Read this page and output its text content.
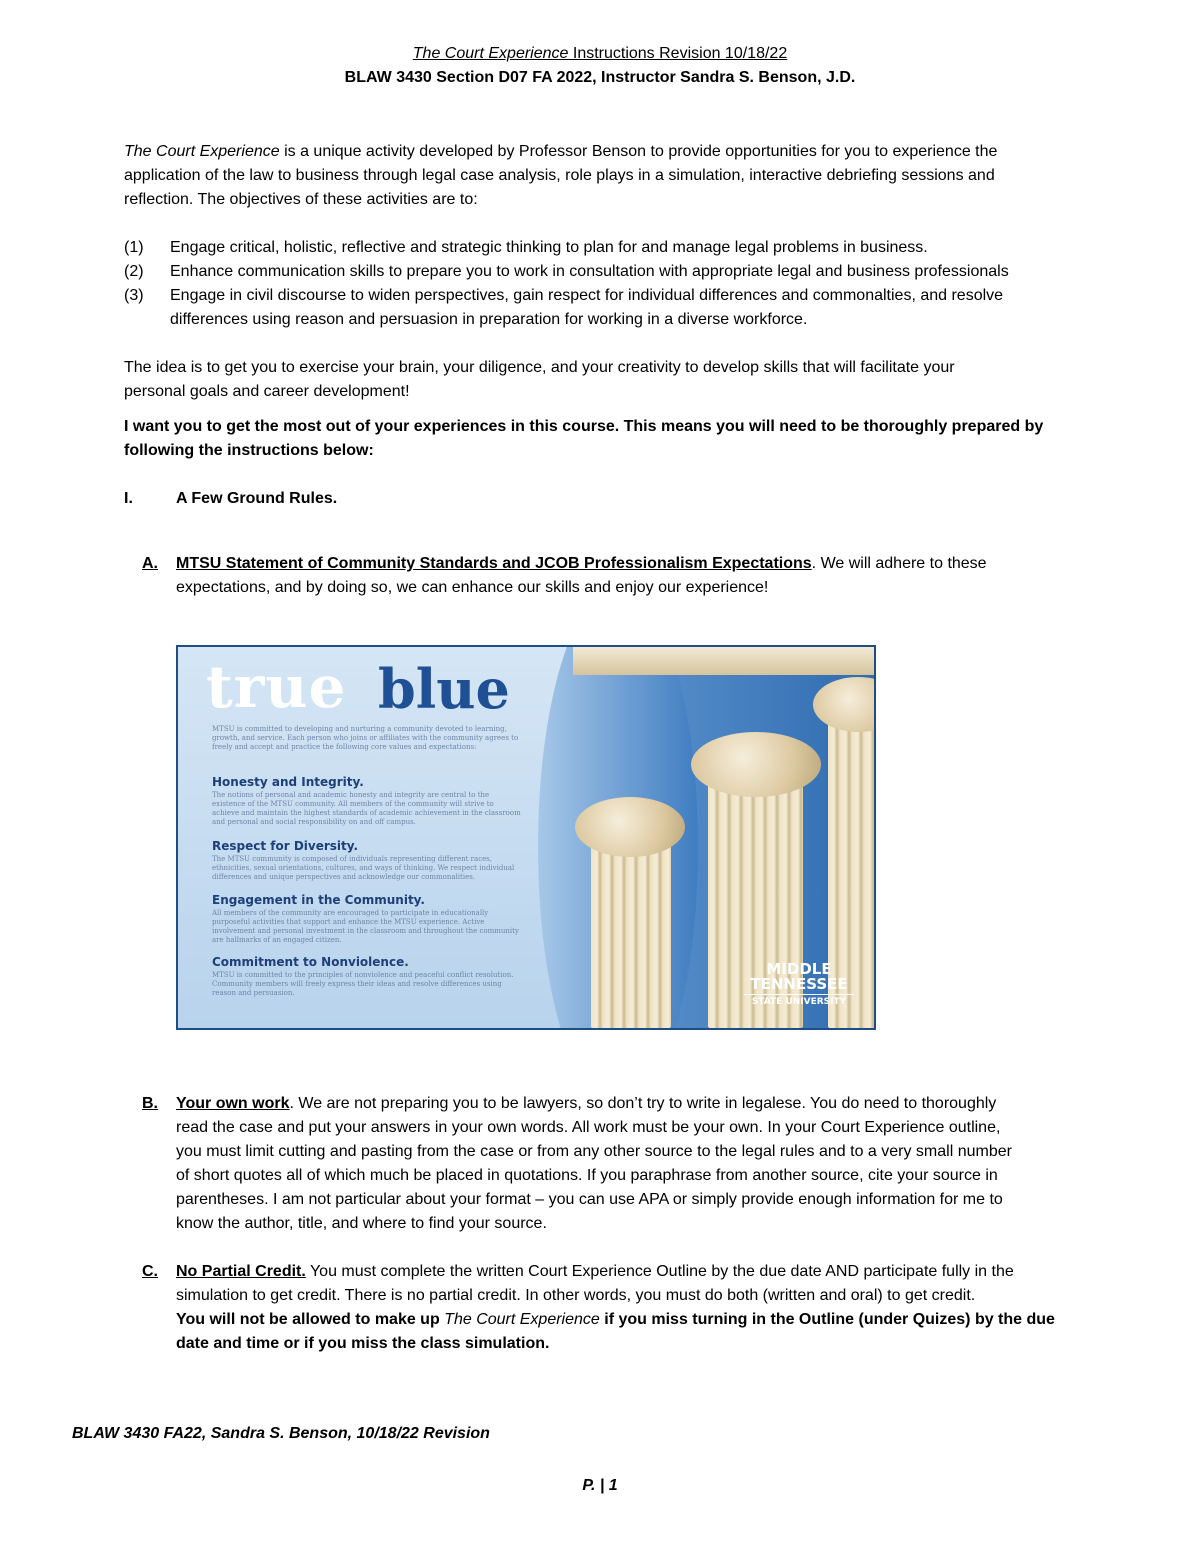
The Court Experience Instructions Revision 10/18/22
BLAW 3430 Section D07 FA 2022, Instructor Sandra S. Benson, J.D.
The Court Experience is a unique activity developed by Professor Benson to provide opportunities for you to experience the
application of the law to business through legal case analysis, role plays in a simulation, interactive debriefing sessions and
reflection. The objectives of these activities are to:
(1) Engage critical, holistic, reflective and strategic thinking to plan for and manage legal problems in business.
(2) Enhance communication skills to prepare you to work in consultation with appropriate legal and business professionals
(3) Engage in civil discourse to widen perspectives, gain respect for individual differences and commonalties, and resolve
differences using reason and persuasion in preparation for working in a diverse workforce.
The idea is to get you to exercise your brain, your diligence, and your creativity to develop skills that will facilitate your
personal goals and career development!
I want you to get the most out of your experiences in this course. This means you will need to be thoroughly prepared by
following the instructions below:
I.	A Few Ground Rules.
A. MTSU Statement of Community Standards and JCOB Professionalism Expectations. We will adhere to these
expectations, and by doing so, we can enhance our skills and enjoy our experience!
true blue
MTSU is committed to developing and nurturing a community devoted to learning, growth, and service. Each person who joins or affiliates with the community agrees to freely and accept and practice the following core values and expectations:
Honesty and Integrity.
The notions of personal and academic honesty and integrity are central to the existence of the MTSU community. All members of the community will strive to achieve and maintain the highest standards of academic achievement in the classroom and personal and social responsibility on and off campus.
Respect for Diversity.
The MTSU community is composed of individuals representing different races, ethnicities, sexual orientations, cultures, and ways of thinking. We respect individual differences and unique perspectives and acknowledge our commonalities.
Engagement in the Community.
All members of the community are encouraged to participate in educationally purposeful activities that support and enhance the MTSU experience. Active involvement and personal investment in the classroom and throughout the community are hallmarks of an engaged citizen.
Commitment to Nonviolence.
MTSU is committed to the principles of nonviolence and peaceful conflict resolution. Community members will freely express their ideas and resolve differences using reason and persuasion.
MIDDLE
TENNESSEE
STATE UNIVERSITY
B. Your own work. We are not preparing you to be lawyers, so don’t try to write in legalese. You do need to thoroughly
read the case and put your answers in your own words. All work must be your own. In your Court Experience outline,
you must limit cutting and pasting from the case or from any other source to the legal rules and to a very small number
of short quotes all of which much be placed in quotations. If you paraphrase from another source, cite your source in
parentheses. I am not particular about your format – you can use APA or simply provide enough information for me to
know the author, title, and where to find your source.
C. No Partial Credit. You must complete the written Court Experience Outline by the due date AND participate fully in the
simulation to get credit. There is no partial credit. In other words, you must do both (written and oral) to get credit.
You will not be allowed to make up The Court Experience if you miss turning in the Outline (under Quizes) by the due
date and time or if you miss the class simulation.
BLAW 3430 FA22, Sandra S. Benson, 10/18/22 Revision
P. | 1
